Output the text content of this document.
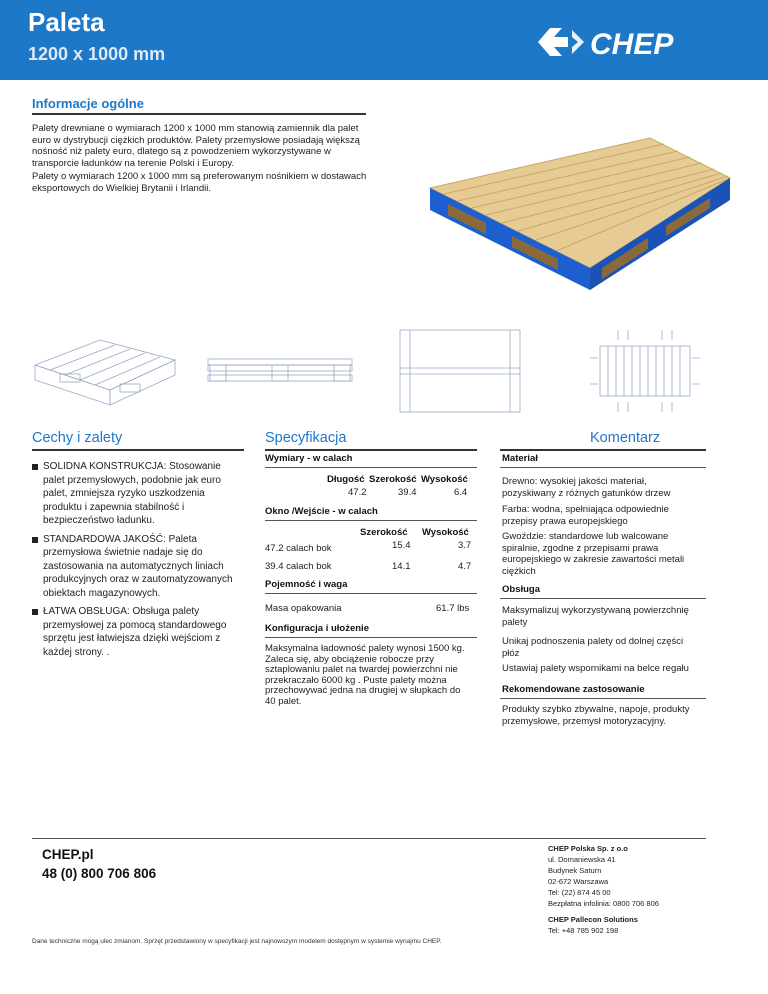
Paleta
1200 x 1000 mm	CHEP
Informacje ogólne
Palety drewniane o wymiarach 1200 x 1000 mm stanowią zamiennik dla palet euro w dystrybucji ciężkich produktów. Palety przemysłowe posiadają większą nośność niż palety euro, dlatego są z powodzeniem wykorzystywane w transporcie ładunków na terenie Polski i Europy.
Palety o wymiarach 1200 x 1000 mm są preferowanym nośnikiem w dostawach eksportowych do Wielkiej Brytanii i Irlandii.
Cechy i zalety
SOLIDNA KONSTRUKCJA: Stosowanie palet przemysłowych, podobnie jak euro palet, zmniejsza ryzyko uszkodzenia produktu i zapewnia stabilność i bezpieczeństwo ładunku.
STANDARDOWA JAKOŚĆ: Paleta przemysłowa świetnie nadaje się do zastosowania na automatycznych liniach produkcyjnych oraz w zautomatyzowanych obiektach magazynowych.
ŁATWA OBSŁUGA: Obsługa palety przemysłowej za pomocą standardowego sprzętu jest łatwiejsza dzięki wejściom z każdej strony. .
Specyfikacja
Wymiary - w calach
Długość Szerokość Wysokość
47.2	39.4	6.4
Okno /Wejście - w calach
Szerokość Wysokość
47.2 calach bok	15.4	3.7
39.4 calach bok	14.1	4.7
Pojemność i waga
Masa opakowania	61.7 lbs
Konfiguracja i ułożenie
Maksymalna ładowność palety wynosi 1500 kg. Zaleca się, aby obciążenie robocze przy sztaplowaniu palet na twardej powierzchni nie przekraczało 6000 kg . Puste palety można przechowywać jedna na drugiej w słupkach do 40 palet.
Komentarz
Materiał
Drewno: wysokiej jakości materiał, pozyskiwany z różnych gatunków drzew
Farba: wodna, spełniająca odpowiednie przepisy prawa europejskiego
Gwoździe: standardowe lub walcowane spiralnie, zgodne z przepisami prawa europejskiego w zakresie zawartości metali ciężkich
Obsługa
Maksymalizuj wykorzystywaną powierzchnię palety
Unikaj podnoszenia palety od dolnej części płóz
Ustawiaj palety wspornikami na belce regału
Rekomendowane zastosowanie
Produkty szybko zbywalne, napoje, produkty przemysłowe, przemysł motoryzacyjny.
CHEP.pl
48 (0) 800 706 806
CHEP Polska Sp. z o.o
ul. Domaniewska 41
Budynek Saturn
02-672 Warszawa
Tel: (22) 874 45 00
Bezpłatna infolinia: 0800 706 806
CHEP Pallecon Solutions
Tel: +48 785 902 198
Dane techniczne mogą ulec zmianom. Sprzęt przedstawiony w specyfikacji jest najnowszym modelem dostępnym w systemie wynajmu CHEP.
